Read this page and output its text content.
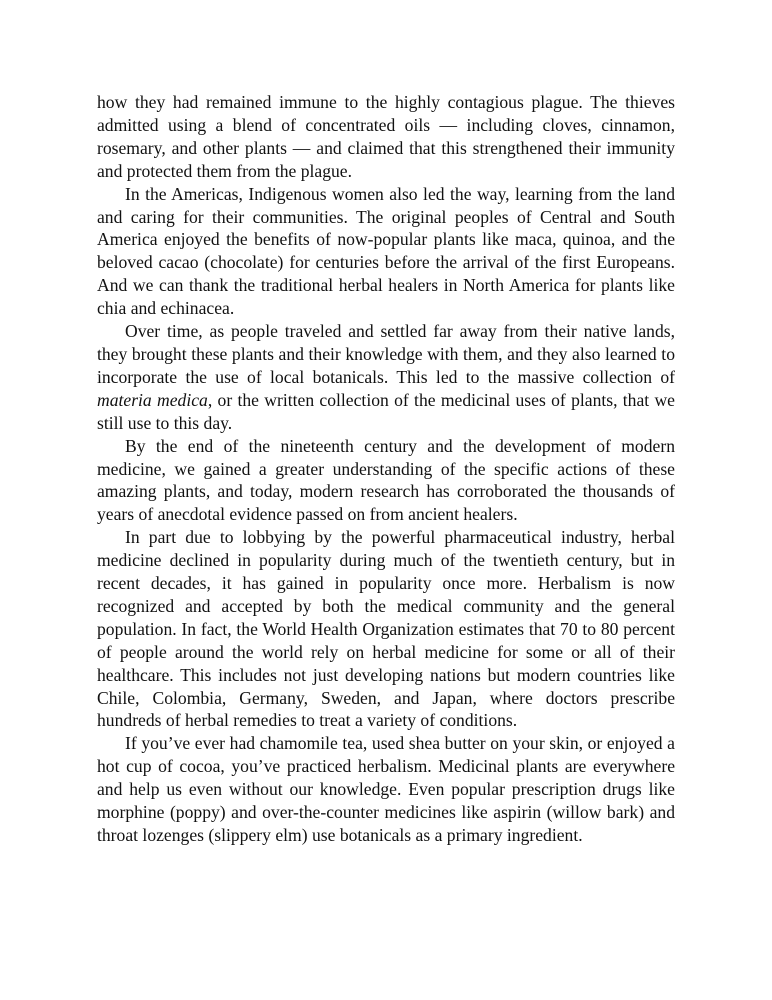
how they had remained immune to the highly contagious plague. The thieves admitted using a blend of concentrated oils — including cloves, cinnamon, rosemary, and other plants — and claimed that this strengthened their immunity and protected them from the plague.

In the Americas, Indigenous women also led the way, learning from the land and caring for their communities. The original peoples of Central and South America enjoyed the benefits of now-popular plants like maca, quinoa, and the beloved cacao (chocolate) for centuries before the arrival of the first Europeans. And we can thank the traditional herbal healers in North America for plants like chia and echinacea.

Over time, as people traveled and settled far away from their native lands, they brought these plants and their knowledge with them, and they also learned to incorporate the use of local botanicals. This led to the massive collection of materia medica, or the written collection of the medicinal uses of plants, that we still use to this day.

By the end of the nineteenth century and the development of modern medicine, we gained a greater understanding of the specific actions of these amazing plants, and today, modern research has corroborated the thousands of years of anecdotal evidence passed on from ancient healers.

In part due to lobbying by the powerful pharmaceutical industry, herbal medicine declined in popularity during much of the twentieth century, but in recent decades, it has gained in popularity once more. Herbalism is now recognized and accepted by both the medical community and the general population. In fact, the World Health Organization estimates that 70 to 80 percent of people around the world rely on herbal medicine for some or all of their healthcare. This includes not just developing nations but modern countries like Chile, Colombia, Germany, Sweden, and Japan, where doctors prescribe hundreds of herbal remedies to treat a variety of conditions.

If you’ve ever had chamomile tea, used shea butter on your skin, or enjoyed a hot cup of cocoa, you’ve practiced herbalism. Medicinal plants are everywhere and help us even without our knowledge. Even popular prescription drugs like morphine (poppy) and over-the-counter medicines like aspirin (willow bark) and throat lozenges (slippery elm) use botanicals as a primary ingredient.
